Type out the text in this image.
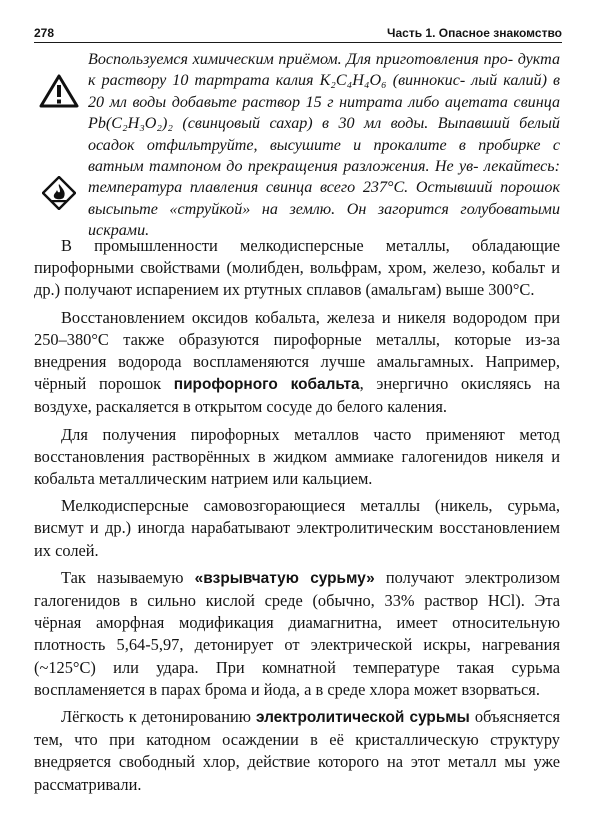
278	Часть 1. Опасное знакомство

Воспользуемся химическим приёмом. Для приготовления про- дукта к раствору 10 тартрата калия K₂C₄H₄O₆ (виннокис- лый калий) в 20 мл воды добавьте раствор 15 г нитрата либо ацетата свинца Pb(C₂H₃O₂)₂ (свинцовый сахар) в 30 мл воды. Выпавший белый осадок отфильтруйте, высушите и прокалите в пробирке с ватным тампоном до прекращения разложения. Не ув- лекайтесь: температура плавления свинца всего 237°С. Остывший порошок высыпьте «струйкой» на землю. Он загорится голубоватыми искрами.

В промышленности мелкодисперсные металлы, обладающие пирофорными свойствами (молибден, вольфрам, хром, железо, кобальт и др.) получают испарением их ртутных сплавов (амальгам) выше 300°С.

Восстановлением оксидов кобальта, железа и никеля водородом при 250–380°С также образуются пирофорные металлы, которые из-за внедрения водорода воспламеняются лучше амальгамных. Например, чёрный порошок пирофорного кобальта, энергично окисляясь на воздухе, раскаляется в открытом сосуде до белого каления.

Для получения пирофорных металлов часто применяют метод восстановления растворённых в жидком аммиаке галогенидов никеля и кобальта металлическим натрием или кальцием.

Мелкодисперсные самовозгорающиеся металлы (никель, сурьма, висмут и др.) иногда нарабатывают электролитическим восстановлением их солей.

Так называемую «взрывчатую сурьму» получают электролизом галогенидов в сильно кислой среде (обычно, 33% раствор HCl). Эта чёрная аморфная модификация диамагнитна, имеет относительную плотность 5,64-5,97, детонирует от электрической искры, нагревания (~125°С) или удара. При комнатной температуре такая сурьма воспламеняется в парах брома и йода, а в среде хлора может взорваться.

Лёгкость к детонированию электролитической сурьмы объясняется тем, что при катодном осаждении в её кристаллическую структуру внедряется свободный хлор, действие которого на этот металл мы уже рассматривали.
